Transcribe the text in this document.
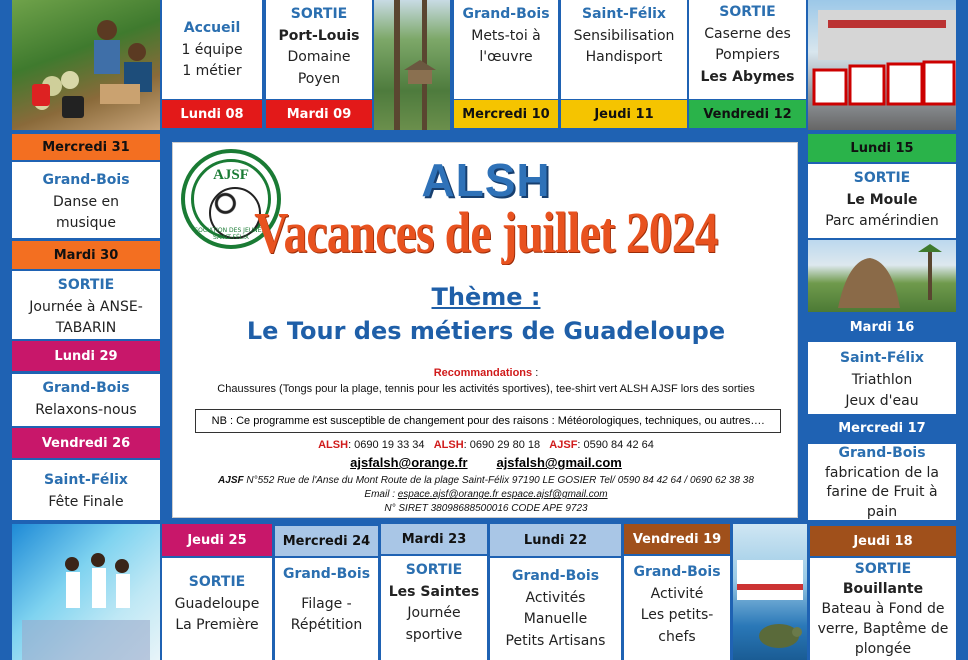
Accueil
1 équipe
1 métier
Lundi 08
SORTIE
Port-Louis
Domaine
Poyen
Mardi 09
Grand-Bois
Mets-toi à
l'œuvre
Mercredi 10
Saint-Félix
Sensibilisation
Handisport
Jeudi 11
SORTIE
Caserne des
Pompiers
Les Abymes
Vendredi 12
Mercredi 31
Grand-Bois
Danse en
musique
Mardi 30
SORTIE
Journée à ANSE-
TABARIN
Lundi 29
Grand-Bois
Relaxons-nous
Vendredi 26
Saint-Félix
Fête Finale
Lundi 15
SORTIE
Le Moule
Parc amérindien
Mardi 16
Saint-Félix
Triathlon
Jeux d'eau
Mercredi 17
Grand-Bois
fabrication de la
farine de Fruit à
pain
AJSF
ASSOCIATION DES JEUNES DE SAINT-FÉLIX
ALSH
Vacances de juillet 2024
Thème :
Le Tour des métiers de Guadeloupe
Recommandations :
Chaussures (Tongs pour la plage, tennis pour les activités sportives), tee-shirt vert ALSH AJSF lors des sorties
NB : Ce programme est susceptible de changement pour des raisons : Météorologiques, techniques, ou autres….
ALSH: 0690 19 33 34 ALSH: 0690 29 80 18 AJSF: 0590 84 42 64
ajsfalsh@orange.fr ajsfalsh@gmail.com
AJSF N°552 Rue de l'Anse du Mont Route de la plage Saint-Félix 97190 LE GOSIER Tel/ 0590 84 42 64 / 0690 62 38 38
Email : espace.ajsf@orange.fr espace.ajsf@gmail.com
N° SIRET 38098688500016 CODE APE 9723
Jeudi 25
SORTIE
Guadeloupe
La Première
Mercredi 24
Grand-Bois
Filage -
Répétition
Mardi 23
SORTIE
Les Saintes
Journée
sportive
Lundi 22
Grand-Bois
Activités
Manuelle
Petits Artisans
Vendredi 19
Grand-Bois
Activité
Les petits-
chefs
Jeudi 18
SORTIE
Bouillante
Bateau à Fond de
verre, Baptême de
plongée
